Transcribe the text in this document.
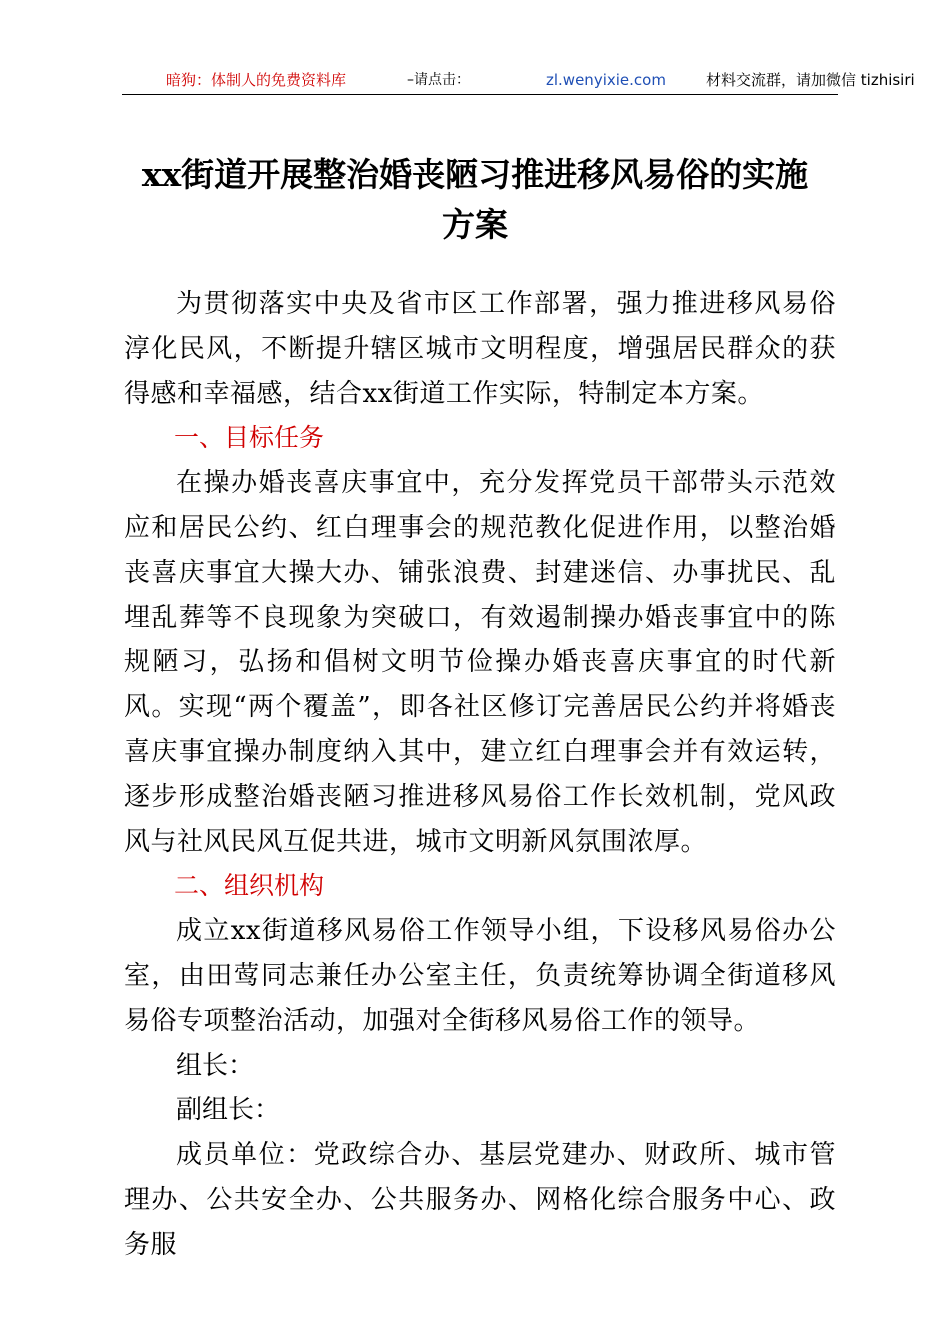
暗狗：体制人的免费资料库	–请点击：	zl.wenyixie.com	材料交流群，请加微信 tizhisiri
xx街道开展整治婚丧陋习推进移风易俗的实施
方案

为贯彻落实中央及省市区工作部署，强力推进移风易俗淳化民风，不断提升辖区城市文明程度，增强居民群众的获得感和幸福感，结合xx街道工作实际，特制定本方案。

一、目标任务

在操办婚丧喜庆事宜中，充分发挥党员干部带头示范效应和居民公约、红白理事会的规范教化促进作用，以整治婚丧喜庆事宜大操大办、铺张浪费、封建迷信、办事扰民、乱埋乱葬等不良现象为突破口，有效遏制操办婚丧事宜中的陈规陋习，弘扬和倡树文明节俭操办婚丧喜庆事宜的时代新风。实现“两个覆盖”，即各社区修订完善居民公约并将婚丧喜庆事宜操办制度纳入其中，建立红白理事会并有效运转，逐步形成整治婚丧陋习推进移风易俗工作长效机制，党风政风与社风民风互促共进，城市文明新风氛围浓厚。

二、组织机构

成立xx街道移风易俗工作领导小组，下设移风易俗办公室，由田莺同志兼任办公室主任，负责统筹协调全街道移风易俗专项整治活动，加强对全街移风易俗工作的领导。

组长：

副组长：

成员单位：党政综合办、基层党建办、财政所、城市管理办、公共安全办、公共服务办、网格化综合服务中心、政务服
